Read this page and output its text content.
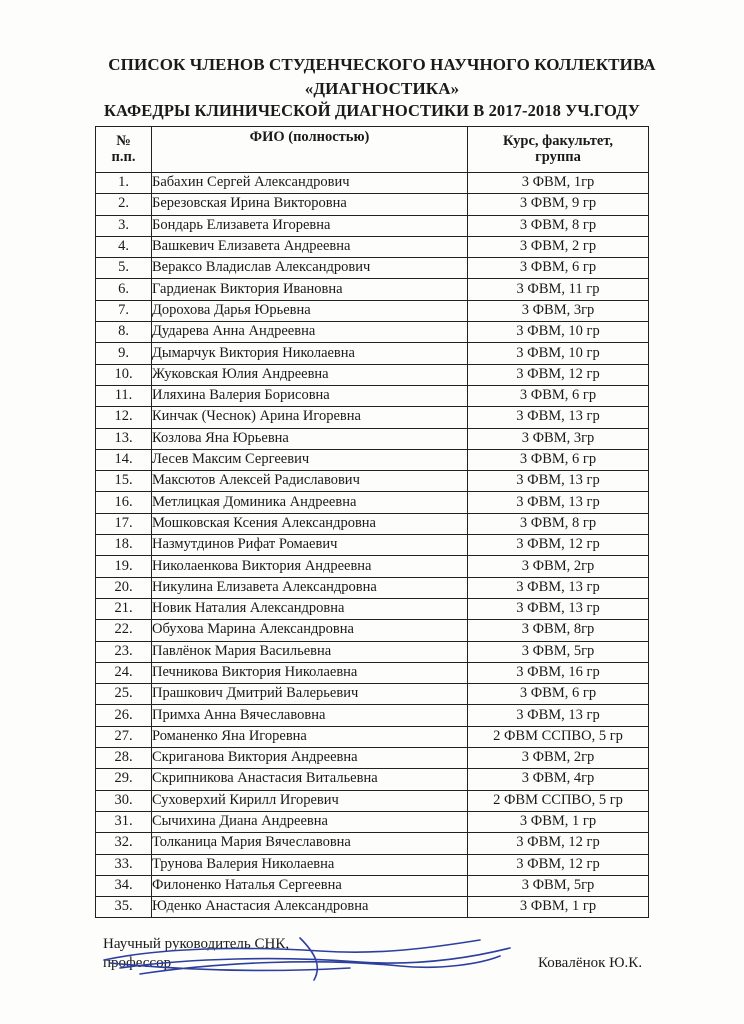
СПИСОК ЧЛЕНОВ СТУДЕНЧЕСКОГО НАУЧНОГО КОЛЛЕКТИВА
«ДИАГНОСТИКА»
КАФЕДРЫ КЛИНИЧЕСКОЙ ДИАГНОСТИКИ В 2017-2018 УЧ.ГОДУ
№
п.п.	ФИО (полностью)	Курс, факультет,
группа
1.	Бабахин Сергей Александрович	3 ФВМ, 1гр
2.	Березовская Ирина Викторовна	3 ФВМ, 9 гр
3.	Бондарь Елизавета Игоревна	3 ФВМ, 8 гр
4.	Вашкевич Елизавета Андреевна	3 ФВМ, 2 гр
5.	Вераксо Владислав Александрович	3 ФВМ, 6 гр
6.	Гардиенак Виктория Ивановна	3 ФВМ, 11 гр
7.	Дорохова Дарья Юрьевна	3 ФВМ, 3гр
8.	Дударева Анна Андреевна	3 ФВМ, 10 гр
9.	Дымарчук Виктория Николаевна	3 ФВМ, 10 гр
10.	Жуковская Юлия Андреевна	3 ФВМ, 12 гр
11.	Иляхина Валерия Борисовна	3 ФВМ, 6 гр
12.	Кинчак (Чеснок) Арина Игоревна	3 ФВМ, 13 гр
13.	Козлова Яна Юрьевна	3 ФВМ, 3гр
14.	Лесев Максим Сергеевич	3 ФВМ, 6 гр
15.	Максютов Алексей Радиславович	3 ФВМ, 13 гр
16.	Метлицкая Доминика Андреевна	3 ФВМ, 13 гр
17.	Мошковская Ксения Александровна	3 ФВМ, 8 гр
18.	Назмутдинов Рифат Ромаевич	3 ФВМ, 12 гр
19.	Николаенкова Виктория Андреевна	3 ФВМ, 2гр
20.	Никулина Елизавета Александровна	3 ФВМ, 13 гр
21.	Новик Наталия Александровна	3 ФВМ, 13 гр
22.	Обухова Марина Александровна	3 ФВМ, 8гр
23.	Павлёнок Мария Васильевна	3 ФВМ, 5гр
24.	Печникова Виктория Николаевна	3 ФВМ, 16 гр
25.	Прашкович Дмитрий Валерьевич	3 ФВМ, 6 гр
26.	Примха Анна Вячеславовна	3 ФВМ, 13 гр
27.	Романенко Яна Игоревна	2 ФВМ ССПВО, 5 гр
28.	Скриганова Виктория Андреевна	3 ФВМ, 2гр
29.	Скрипникова Анастасия Витальевна	3 ФВМ, 4гр
30.	Суховерхий Кирилл Игоревич	2 ФВМ ССПВО, 5 гр
31.	Сычихина Диана Андреевна	3 ФВМ, 1 гр
32.	Толканица Мария Вячеславовна	3 ФВМ, 12 гр
33.	Трунова Валерия Николаевна	3 ФВМ, 12 гр
34.	Филоненко Наталья Сергеевна	3 ФВМ, 5гр
35.	Юденко Анастасия Александровна	3 ФВМ, 1 гр
Научный руководитель СНК,
профессор	Ковалёнок Ю.К.
